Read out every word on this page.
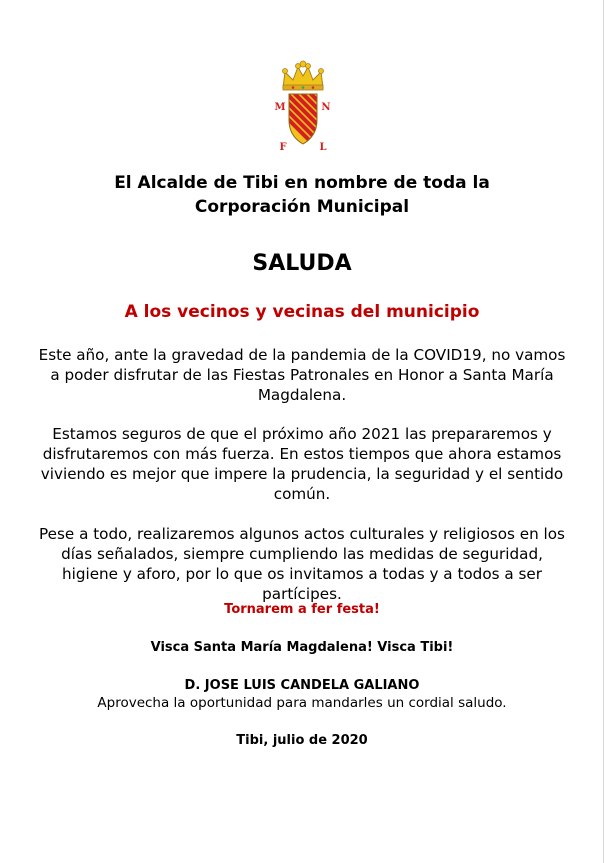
M	N
F	L
El Alcalde de Tibi en nombre de toda la
Corporación Municipal
SALUDA
A los vecinos y vecinas del municipio
Este año, ante la gravedad de la pandemia de la COVID19, no vamos a poder disfrutar de las Fiestas Patronales en Honor a Santa María Magdalena.
Estamos seguros de que el próximo año 2021 las prepararemos y disfrutaremos con más fuerza. En estos tiempos que ahora estamos viviendo es mejor que impere la prudencia, la seguridad y el sentido común.
Pese a todo, realizaremos algunos actos culturales y religiosos en los días señalados, siempre cumpliendo las medidas de seguridad, higiene y aforo, por lo que os invitamos a todas y a todos a ser partícipes.
Tornarem a fer festa!
Visca Santa María Magdalena! Visca Tibi!
D. JOSE LUIS CANDELA GALIANO
Aprovecha la oportunidad para mandarles un cordial saludo.
Tibi, julio de 2020
